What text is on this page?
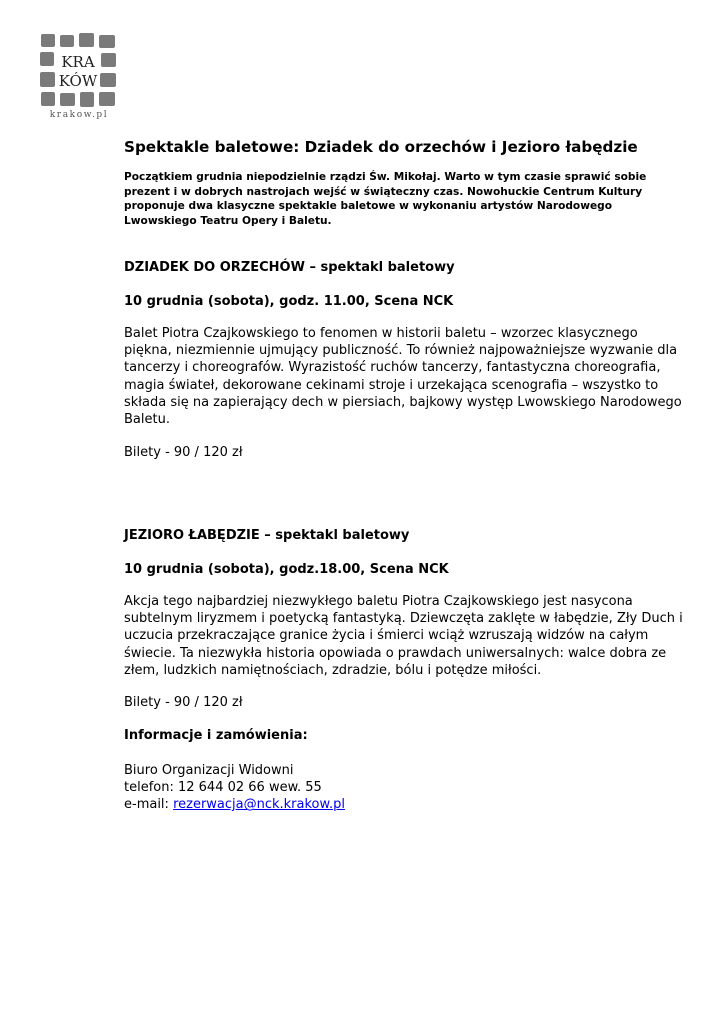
KRA
KÓW
krakow.pl
Spektakle baletowe: Dziadek do orzechów i Jezioro łabędzie

Początkiem grudnia niepodzielnie rządzi Św. Mikołaj. Warto w tym czasie sprawić sobie
prezent i w dobrych nastrojach wejść w świąteczny czas. Nowohuckie Centrum Kultury
proponuje dwa klasyczne spektakle baletowe w wykonaniu artystów Narodowego
Lwowskiego Teatru Opery i Baletu.

DZIADEK DO ORZECHÓW – spektakl baletowy

10 grudnia (sobota), godz. 11.00, Scena NCK

Balet Piotra Czajkowskiego to fenomen w historii baletu – wzorzec klasycznego
piękna, niezmiennie ujmujący publiczność. To również najpoważniejsze wyzwanie dla
tancerzy i choreografów. Wyrazistość ruchów tancerzy, fantastyczna choreografia,
magia świateł, dekorowane cekinami stroje i urzekająca scenografia – wszystko to
składa się na zapierający dech w piersiach, bajkowy występ Lwowskiego Narodowego
Baletu.

Bilety - 90 / 120 zł

JEZIORO ŁABĘDZIE – spektakl baletowy

10 grudnia (sobota), godz.18.00, Scena NCK

Akcja tego najbardziej niezwykłego baletu Piotra Czajkowskiego jest nasycona
subtelnym liryzmem i poetycką fantastyką. Dziewczęta zaklęte w łabędzie, Zły Duch i
uczucia przekraczające granice życia i śmierci wciąż wzruszają widzów na całym
świecie. Ta niezwykła historia opowiada o prawdach uniwersalnych: walce dobra ze
złem, ludzkich namiętnościach, zdradzie, bólu i potędze miłości.

Bilety - 90 / 120 zł

Informacje i zamówienia:

Biuro Organizacji Widowni
telefon: 12 644 02 66 wew. 55
e-mail: rezerwacja@nck.krakow.pl
